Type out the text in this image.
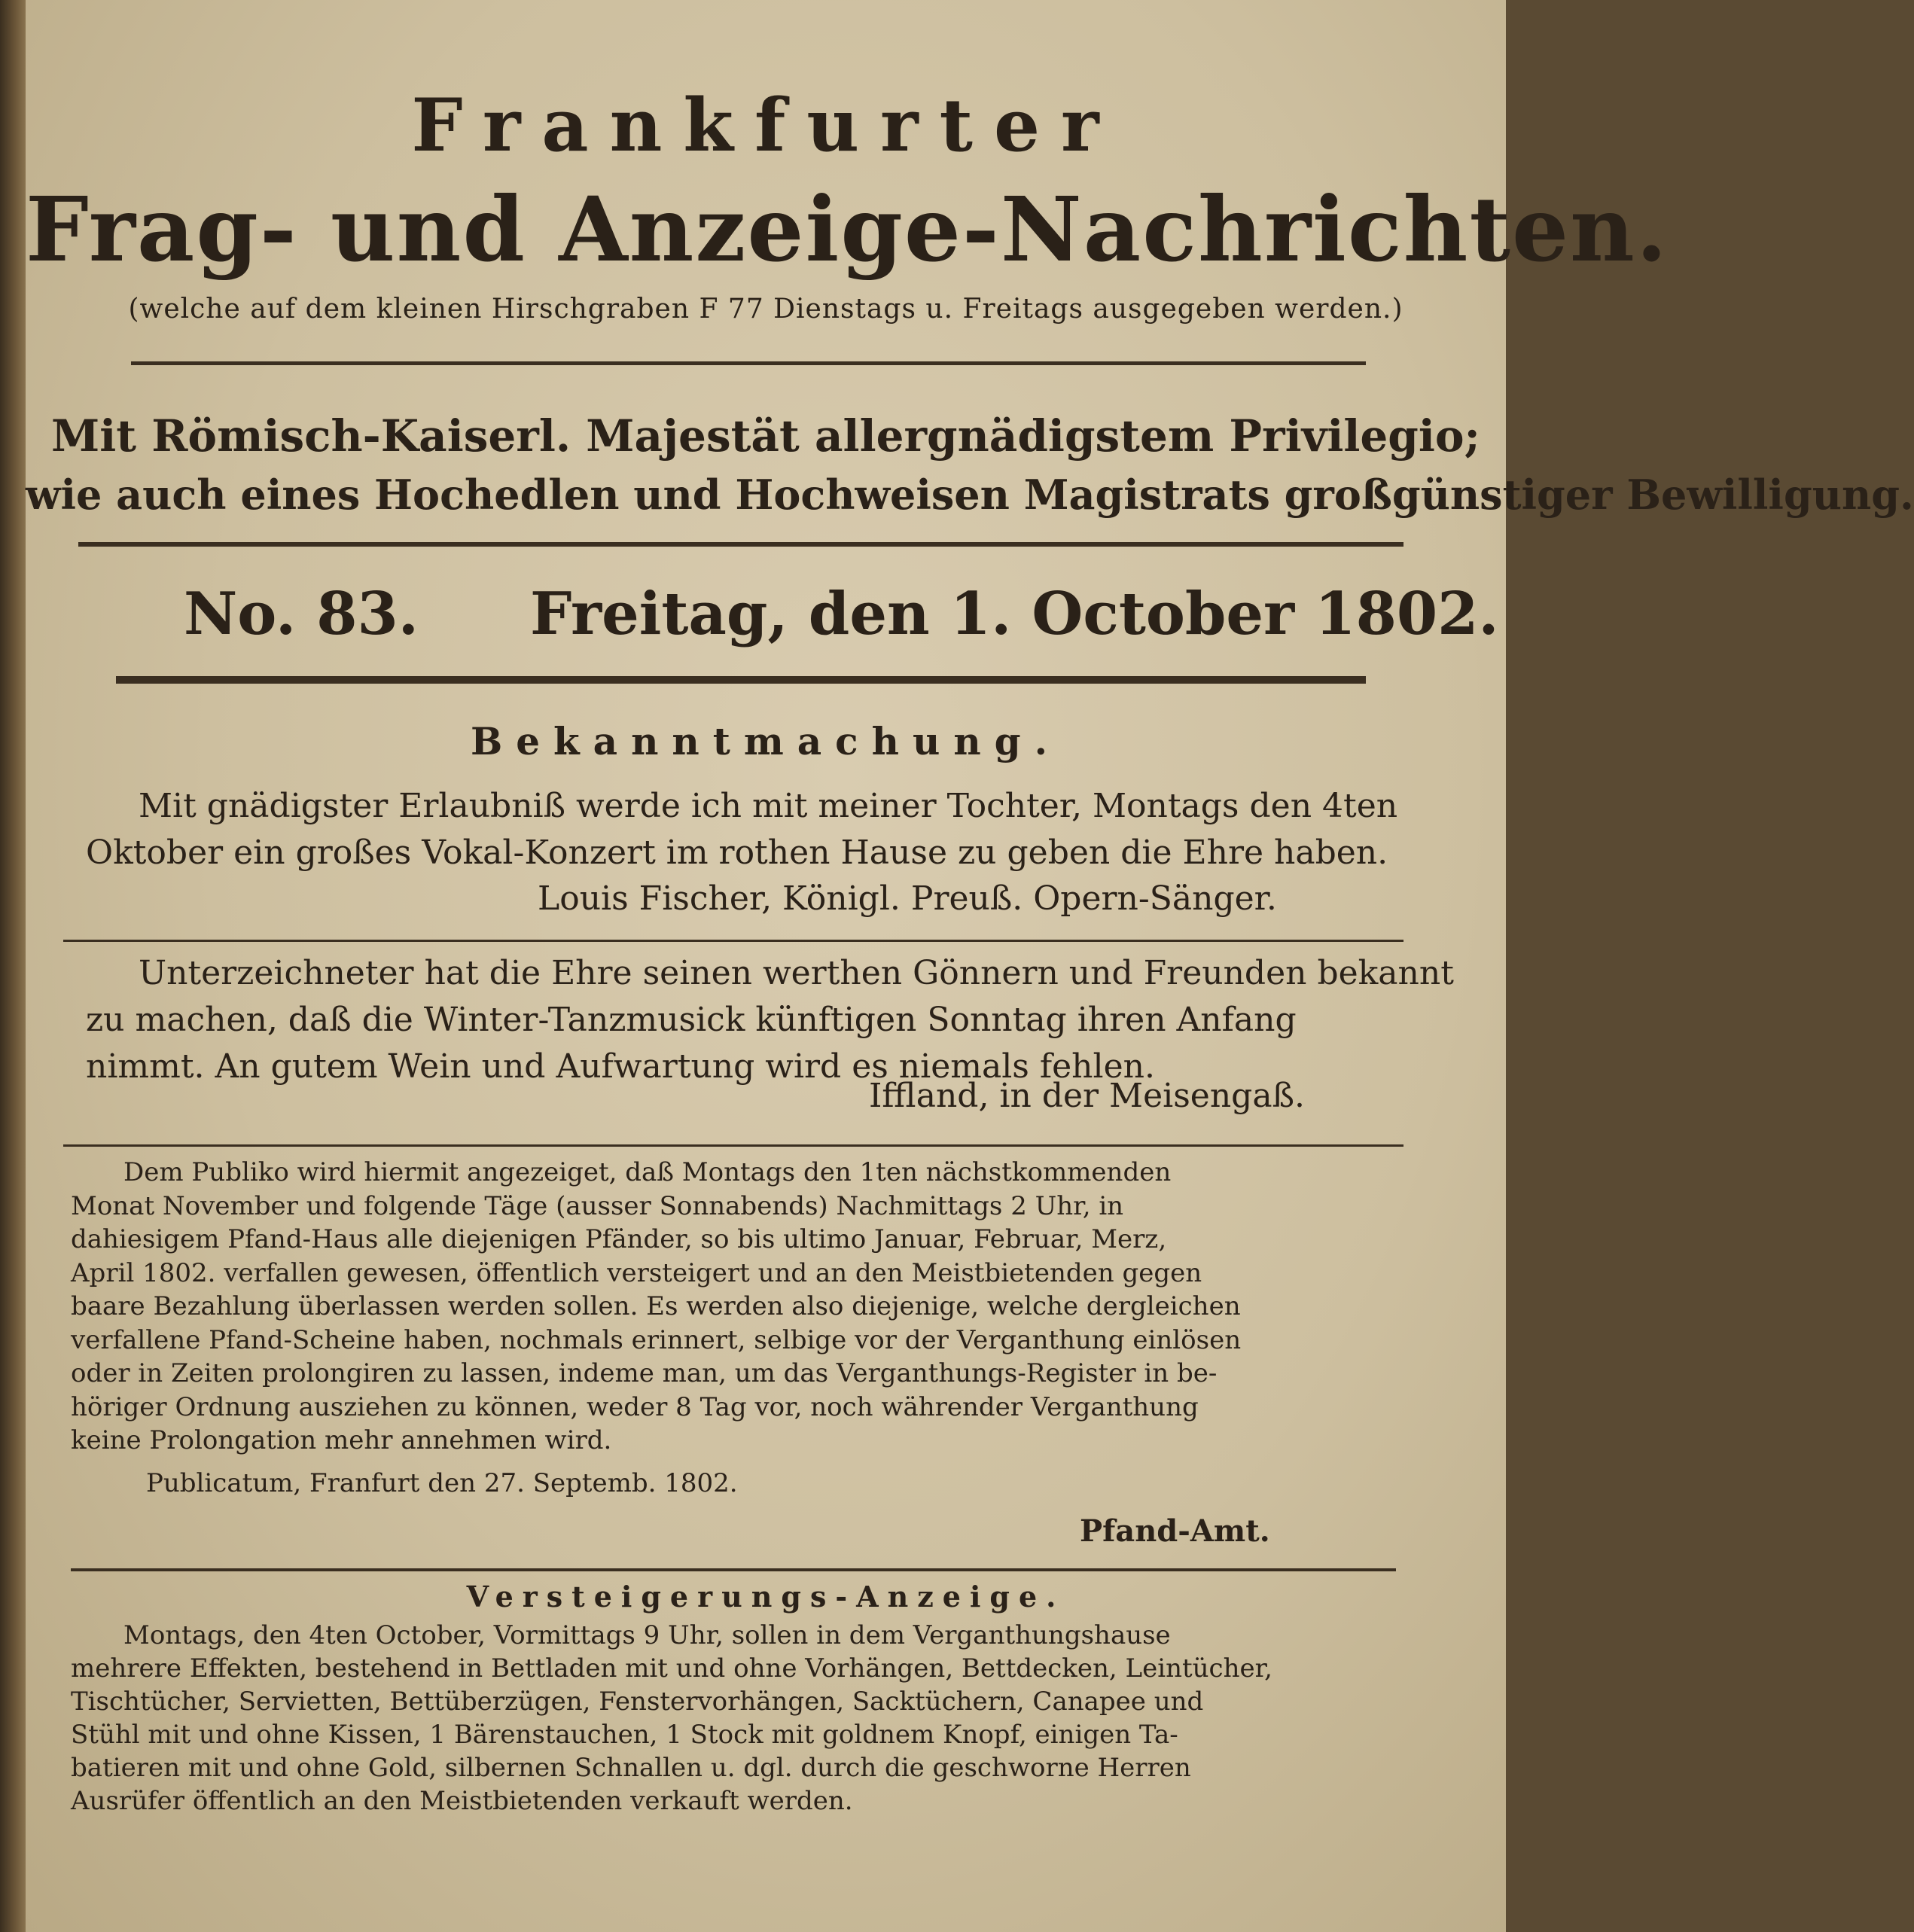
Frankfurter
Frag- und Anzeige-Nachrichten.
(welche auf dem kleinen Hirschgraben F 77 Dienstags u. Freitags ausgegeben werden.)
Mit Römisch-Kaiserl. Majestät allergnädigstem Privilegio;
wie auch eines Hochedlen und Hochweisen Magistrats großgünstiger Bewilligung.
No. 83. Freitag, den 1. October 1802.
Bekanntmachung.
Mit gnädigster Erlaubniß werde ich mit meiner Tochter, Montags den 4ten
Oktober ein großes Vokal-Konzert im rothen Hause zu geben die Ehre haben.
Louis Fischer, Königl. Preuß. Opern-Sänger.
Unterzeichneter hat die Ehre seinen werthen Gönnern und Freunden bekannt
zu machen, daß die Winter-Tanzmusick künftigen Sonntag ihren Anfang
nimmt. An gutem Wein und Aufwartung wird es niemals fehlen.
Iffland, in der Meisengaß.
Dem Publiko wird hiermit angezeiget, daß Montags den 1ten nächstkommenden
Monat November und folgende Täge (ausser Sonnabends) Nachmittags 2 Uhr, in
dahiesigem Pfand-Haus alle diejenigen Pfänder, so bis ultimo Januar, Februar, Merz,
April 1802. verfallen gewesen, öffentlich versteigert und an den Meistbietenden gegen
baare Bezahlung überlassen werden sollen. Es werden also diejenige, welche dergleichen
verfallene Pfand-Scheine haben, nochmals erinnert, selbige vor der Verganthung einlösen
oder in Zeiten prolongiren zu lassen, indeme man, um das Verganthungs-Register in be-
höriger Ordnung ausziehen zu können, weder 8 Tag vor, noch währender Verganthung
keine Prolongation mehr annehmen wird.
Publicatum, Franfurt den 27. Septemb. 1802.
Pfand-Amt.
Versteigerungs-Anzeige.
Montags, den 4ten October, Vormittags 9 Uhr, sollen in dem Verganthungshause
mehrere Effekten, bestehend in Bettladen mit und ohne Vorhängen, Bettdecken, Leintücher,
Tischtücher, Servietten, Bettüberzügen, Fenstervorhängen, Sacktüchern, Canapee und
Stühl mit und ohne Kissen, 1 Bärenstauchen, 1 Stock mit goldnem Knopf, einigen Ta-
batieren mit und ohne Gold, silbernen Schnallen u. dgl. durch die geschworne Herren
Ausrüfer öffentlich an den Meistbietenden verkauft werden.
